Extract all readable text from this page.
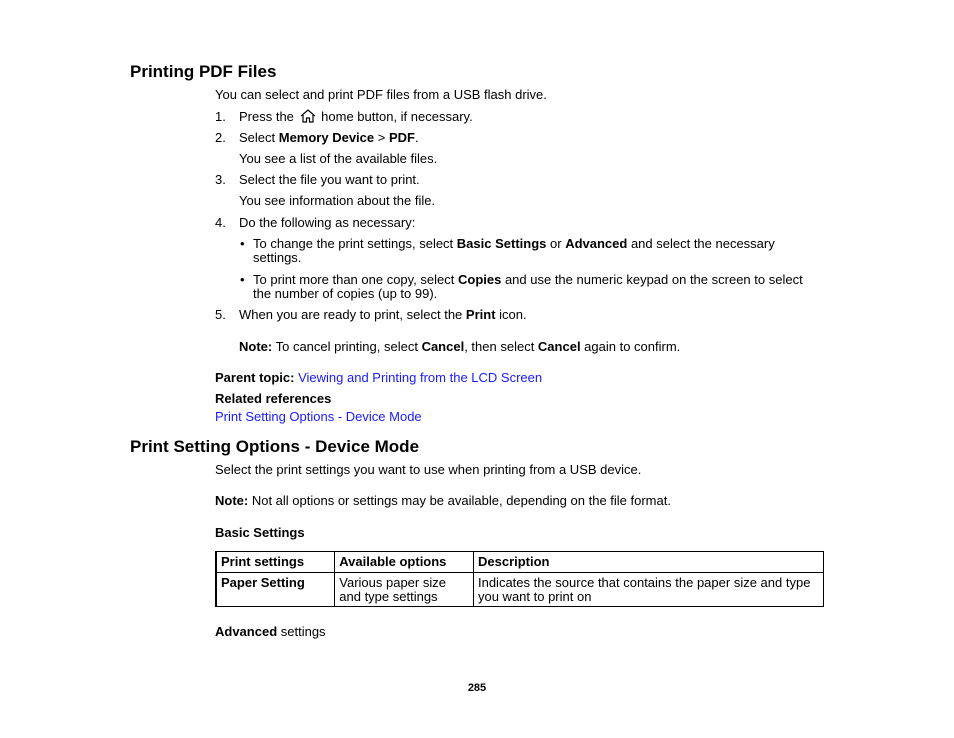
Printing PDF Files
You can select and print PDF files from a USB flash drive.
1.	Press the home button, if necessary.
2.	Select Memory Device > PDF.
You see a list of the available files.
3.	Select the file you want to print.
You see information about the file.
4.	Do the following as necessary:
• To change the print settings, select Basic Settings or Advanced and select the necessary settings.
• To print more than one copy, select Copies and use the numeric keypad on the screen to select the number of copies (up to 99).
5.	When you are ready to print, select the Print icon.
Note: To cancel printing, select Cancel, then select Cancel again to confirm.
Parent topic: Viewing and Printing from the LCD Screen
Related references
Print Setting Options - Device Mode
Print Setting Options - Device Mode
Select the print settings you want to use when printing from a USB device.
Note: Not all options or settings may be available, depending on the file format.
Basic Settings
Print settings	Available options	Description
Paper Setting	Various paper size and type settings	Indicates the source that contains the paper size and type you want to print on
Advanced settings
285
